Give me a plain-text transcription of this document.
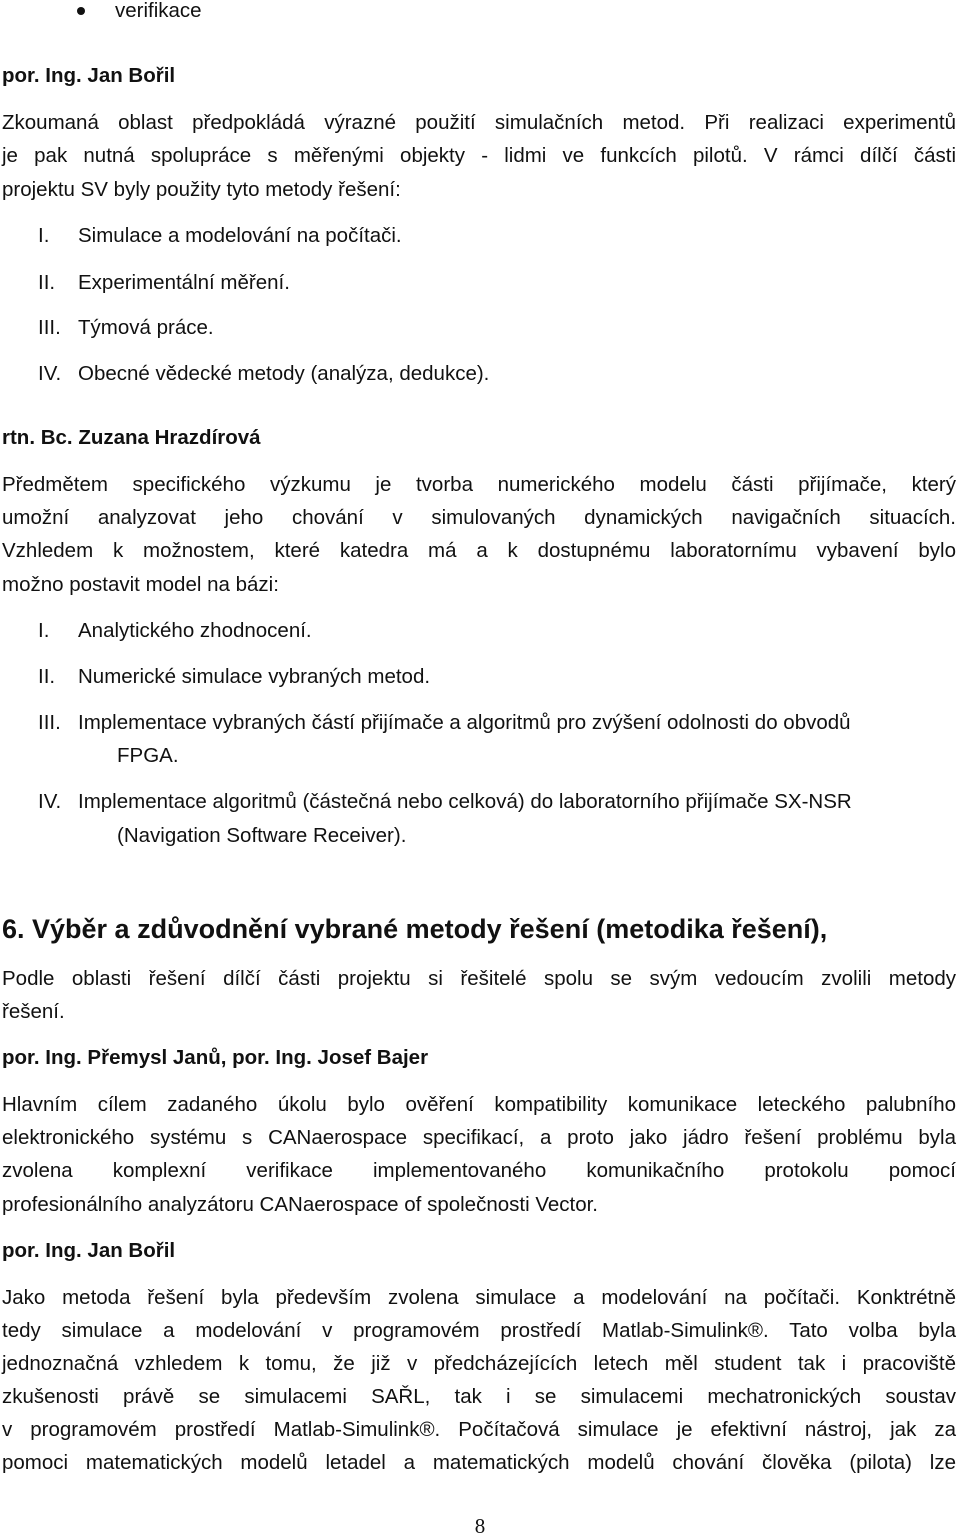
verifikace
por. Ing. Jan Bořil
Zkoumaná oblast předpokládá výrazné použití simulačních metod. Při realizaci experimentů
je pak nutná spolupráce s měřenými objekty - lidmi ve funkcích pilotů. V rámci dílčí části
projektu SV byly použity tyto metody řešení:
I.	Simulace a modelování na počítači.
II.	Experimentální měření.
III. Týmová práce.
IV. Obecné vědecké metody (analýza, dedukce).
rtn. Bc. Zuzana Hrazdírová
Předmětem specifického výzkumu je tvorba numerického modelu části přijímače, který
umožní analyzovat jeho chování v simulovaných dynamických navigačních situacích.
Vzhledem k možnostem, které katedra má a k dostupnému laboratornímu vybavení bylo
možno postavit model na bázi:
I.	Analytického zhodnocení.
II.	Numerické simulace vybraných metod.
III. Implementace vybraných částí přijímače a algoritmů pro zvýšení odolnosti do obvodů
FPGA.
IV. Implementace algoritmů (částečná nebo celková) do laboratorního přijímače SX-NSR
(Navigation Software Receiver).
6. Výběr a zdůvodnění vybrané metody řešení (metodika řešení),
Podle oblasti řešení dílčí části projektu si řešitelé spolu se svým vedoucím zvolili metody
řešení.
por. Ing. Přemysl Janů, por. Ing. Josef Bajer
Hlavním cílem zadaného úkolu bylo ověření kompatibility komunikace leteckého palubního
elektronického systému s CANaerospace specifikací, a proto jako jádro řešení problému byla
zvolena komplexní verifikace implementovaného komunikačního protokolu pomocí
profesionálního analyzátoru CANaerospace of společnosti Vector.
por. Ing. Jan Bořil
Jako metoda řešení byla především zvolena simulace a modelování na počítači. Konktrétně
tedy simulace a modelování v programovém prostředí Matlab-Simulink®. Tato volba byla
jednoznačná vzhledem k tomu, že již v předcházejících letech měl student tak i pracoviště
zkušenosti právě se simulacemi SAŘL, tak i se simulacemi mechatronických soustav
v programovém prostředí Matlab-Simulink®. Počítačová simulace je efektivní nástroj, jak za
pomoci matematických modelů letadel a matematických modelů chování člověka (pilota) lze
8
